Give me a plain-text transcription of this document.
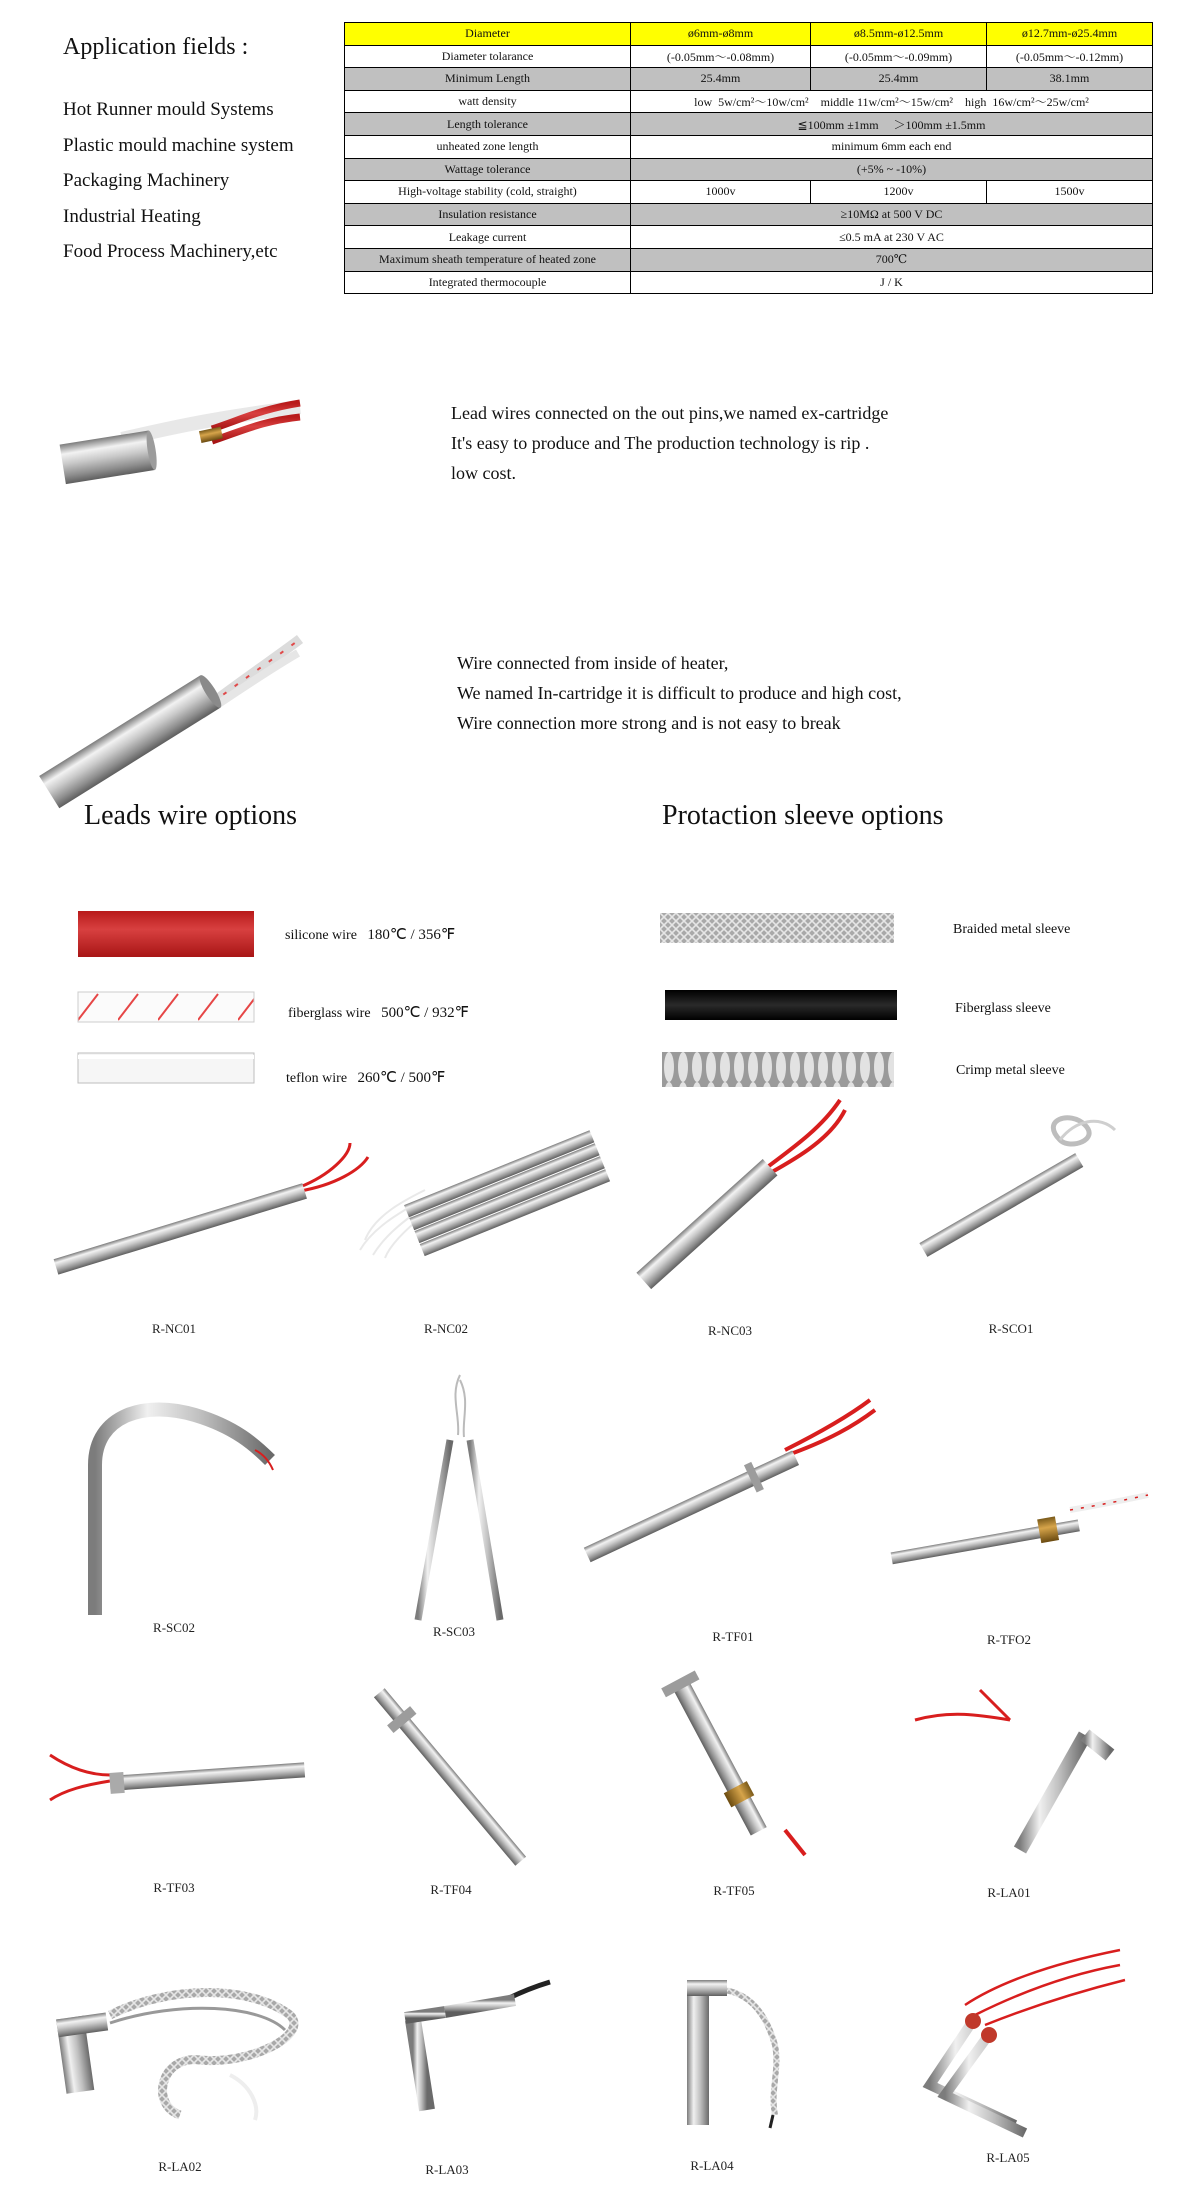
Application fields :
Hot Runner mould Systems
Plastic mould machine system
Packaging Machinery
Industrial Heating
Food Process Machinery,etc
Diameter	ø6mm-ø8mm	ø8.5mm-ø12.5mm	ø12.7mm-ø25.4mm
Diameter tolarance	(-0.05mm～-0.08mm)	(-0.05mm～-0.09mm)	(-0.05mm～-0.12mm)
Minimum Length	25.4mm	25.4mm	38.1mm
watt density	low  5w/cm²～10w/cm²    middle 11w/cm²～15w/cm²    high  16w/cm²～25w/cm²		
Length tolerance	≦100mm ±1mm     ＞100mm ±1.5mm		
unheated zone length	minimum 6mm each end		
Wattage tolerance	(+5% ~ -10%)		
High-voltage stability (cold, straight)	1000v	1200v	1500v
Insulation resistance	≥10MΩ at 500 V DC		
Leakage current	≤0.5 mA at 230 V AC		
Maximum sheath temperature of heated zone	700℃		
Integrated thermocouple	J / K		
Lead wires connected on the out pins,we named ex-cartridge
It's easy to produce and The production technology is rip .
low cost.
Wire connected from inside of heater,
We named In-cartridge it is difficult to produce and high cost,
Wire connection more strong and is not easy to break
Leads wire options	Protaction sleeve options
silicone wire 180℃ / 356℉
fiberglass wire 500℃ / 932℉
teflon wire 260℃ / 500℉
Braided metal sleeve
Fiberglass sleeve
Crimp metal sleeve
R-NC01	R-NC02	R-NC03	R-SCO1
R-SC02	R-SC03	R-TF01	R-TFO2
R-TF03	R-TF04	R-TF05	R-LA01
R-LA02	R-LA03	R-LA04
R-LA05
